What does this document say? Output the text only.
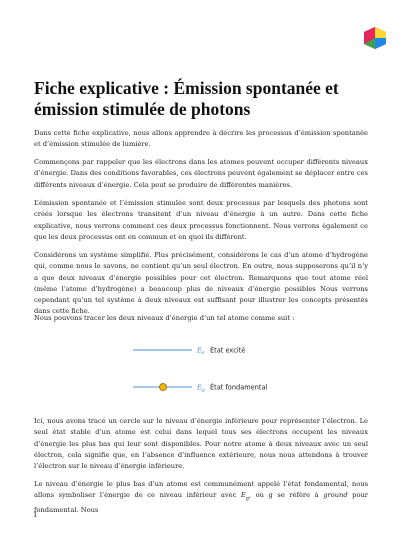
Fiche explicative : Émission spontanée et émission stimulée de photons

Dans cette fiche explicative, nous allons apprendre à décrire les processus d’émission spontanée et d’émission stimulée de lumière.

Commençons par rappeler que les électrons dans les atomes peuvent occuper différents niveaux d’énergie. Dans des conditions favorables, ces électrons peuvent également se déplacer entre ces différents niveaux d’énergie. Cela peut se produire de différentes manières.

L’émission spontanée et l’émission stimulée sont deux processus par lesquels des photons sont créés lorsque les électrons transitent d’un niveau d’énergie à un autre. Dans cette fiche explicative, nous verrons comment ces deux processus fonctionnent. Nous verrons également ce que les deux processus ont en commun et en quoi ils diffèrent.

Considérons un système simplifié. Plus précisément, considérons le cas d’un atome d’hydrogène qui, comme nous le savons, ne contient qu’un seul électron. En outre, nous supposerons qu’il n’y a que deux niveaux d’énergie possibles pour cet électron. Remarquons que tout atome réel (même l’atome d’hydrogène) a beaucoup plus de niveaux d’énergie possibles Nous verrons cependant qu’un tel système à deux niveaux est suffisant pour illustrer les concepts présentés dans cette fiche.

Nous pouvons tracer les deux niveaux d’énergie d’un tel atome comme suit :

$E_e$ État excité
$E_g$ État fondamental

Ici, nous avons tracé un cercle sur le niveau d’énergie inférieure pour représenter l’électron. Le seul état stable d’un atome est celui dans lequel tous ses électrons occupent les niveaux d’énergie les plus bas qui leur sont disponibles. Pour notre atome à deux niveaux avec un seul électron, cela signifie que, en l’absence d’influence extérieure, nous nous attendons à trouver l’électron sur le niveau d’énergie inférieure.

Le niveau d’énergie le plus bas d’un atome est communément appelé l’état fondamental, nous allons symboliser l’énergie de ce niveau inférieur avec $E_g$, où g se réfère à ground pour fondamental. Nous

1
